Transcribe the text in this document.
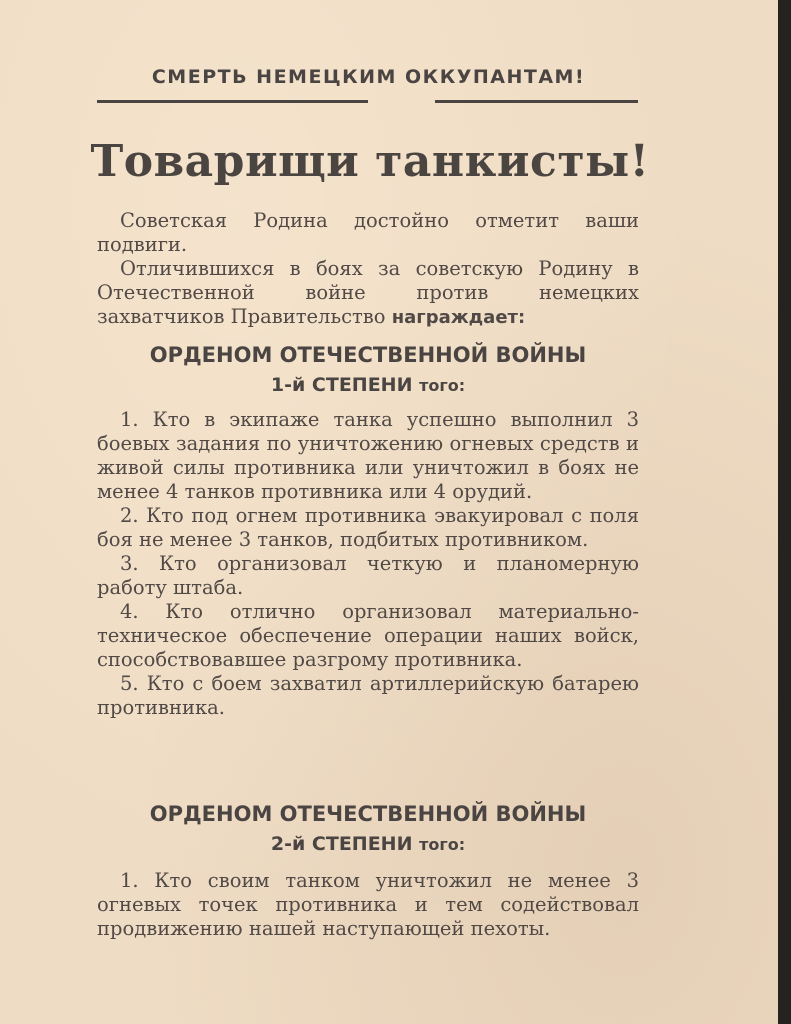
СМЕРТЬ НЕМЕЦКИМ ОККУПАНТАМ!
Товарищи танкисты!

Советская Родина достойно отметит ваши подвиги.

Отличившихся в боях за советскую Родину в Отечественной войне против немецких захватчиков Правительство награждает:

ОРДЕНОМ ОТЕЧЕСТВЕННОЙ ВОЙНЫ
1-й СТЕПЕНИ того:

1. Кто в экипаже танка успешно выполнил 3 боевых задания по уничтожению огневых средств и живой силы противника или уничтожил в боях не менее 4 танков противника или 4 орудий.

2. Кто под огнем противника эвакуировал с поля боя не менее 3 танков, подбитых противником.

3. Кто организовал четкую и планомерную работу штаба.

4. Кто отлично организовал материально-техническое обеспечение операции наших войск, способствовавшее разгрому противника.

5. Кто с боем захватил артиллерийскую батарею противника.

ОРДЕНОМ ОТЕЧЕСТВЕННОЙ ВОЙНЫ
2-й СТЕПЕНИ того:

1. Кто своим танком уничтожил не менее 3 огневых точек противника и тем содействовал продвижению нашей наступающей пехоты.
